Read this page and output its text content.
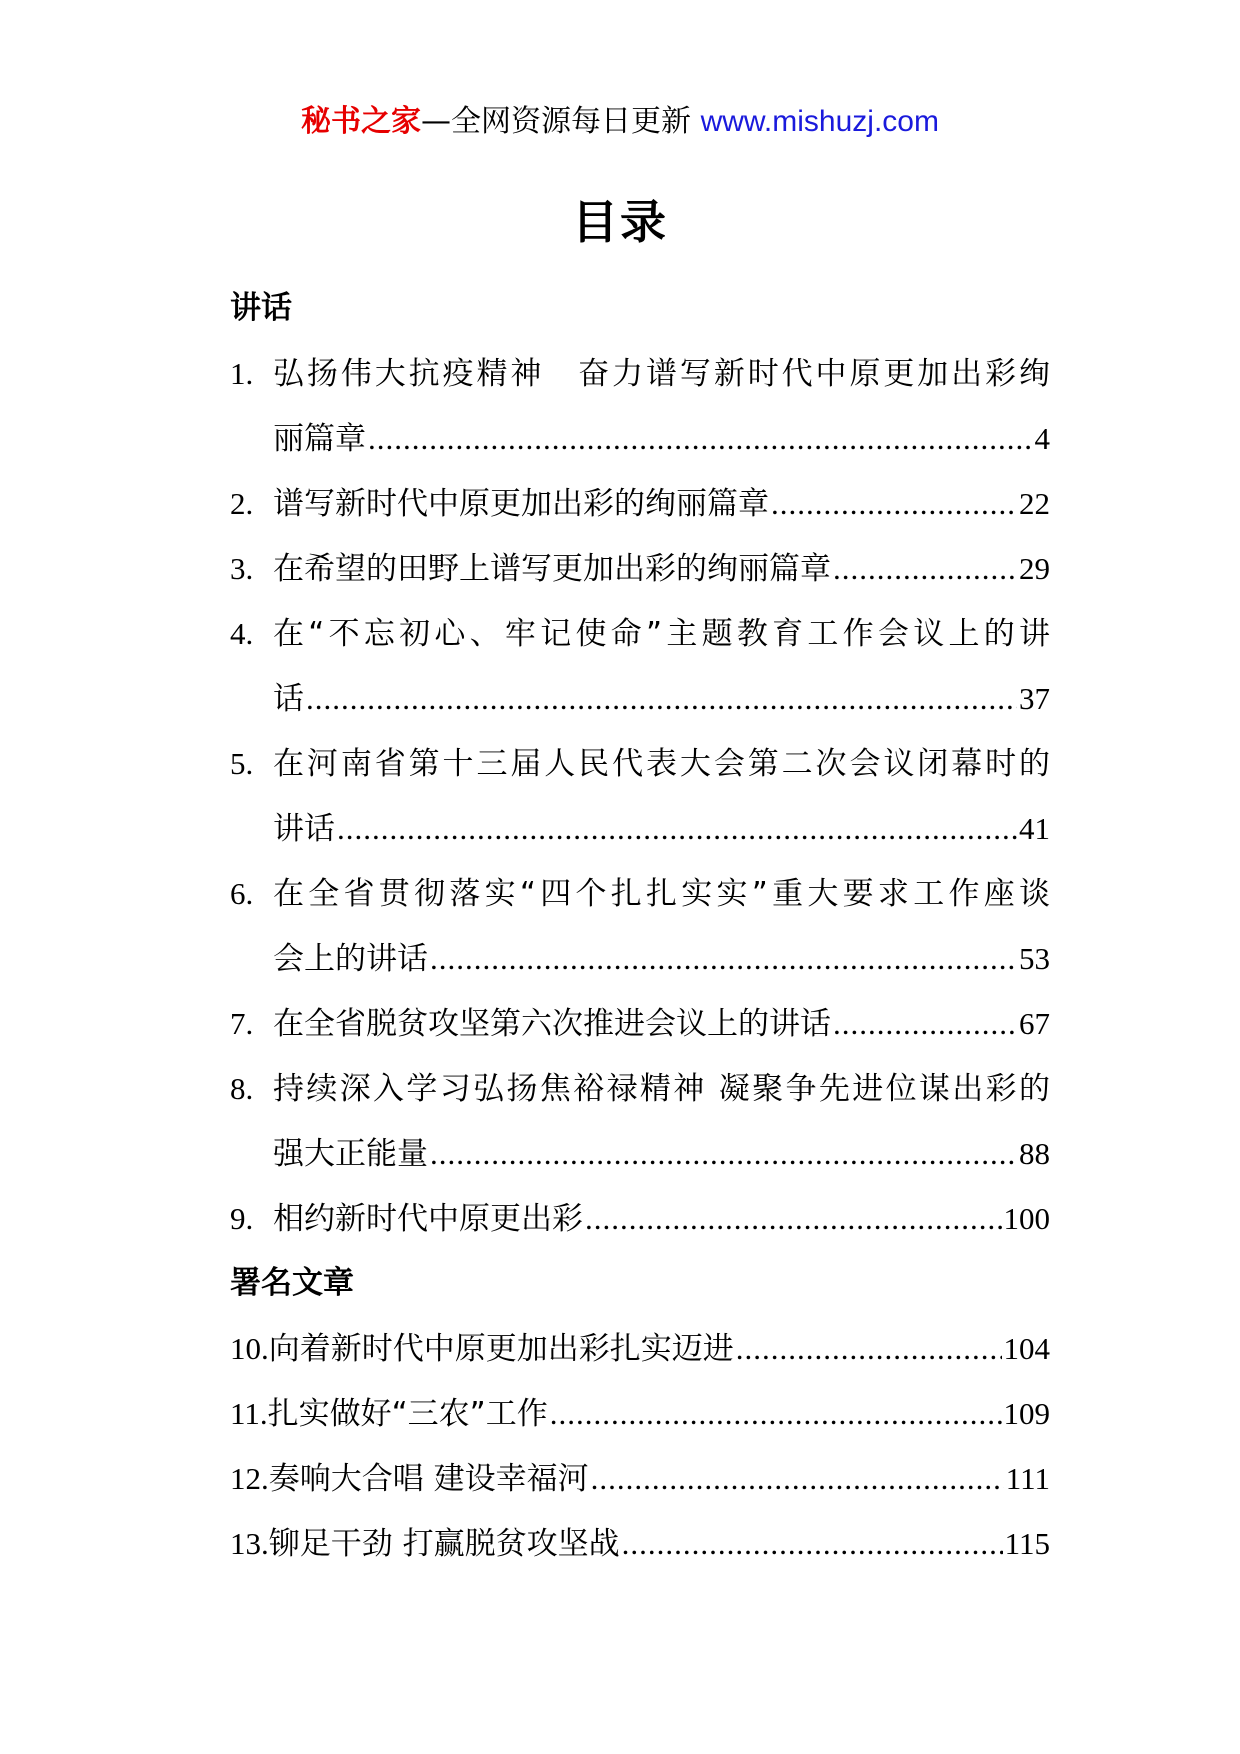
秘书之家—全网资源每日更新 www.mishuzj.com
目录
讲话
1. 弘扬伟大抗疫精神　奋力谱写新时代中原更加出彩绚
丽篇章 .....	4
2. 谱写新时代中原更加出彩的绚丽篇章 .....	22
3. 在希望的田野上谱写更加出彩的绚丽篇章 .....	29
4. 在“不忘初心、牢记使命”主题教育工作会议上的讲
话 .....	37
5. 在河南省第十三届人民代表大会第二次会议闭幕时的
讲话 .....	41
6. 在全省贯彻落实“四个扎扎实实”重大要求工作座谈
会上的讲话 .....	53
7. 在全省脱贫攻坚第六次推进会议上的讲话 .....	67
8. 持续深入学习弘扬焦裕禄精神 凝聚争先进位谋出彩的
强大正能量 .....	88
9. 相约新时代中原更出彩 .....	100
署名文章
10. 向着新时代中原更加出彩扎实迈进 .....	104
11. 扎实做好“三农”工作 .....	109
12. 奏响大合唱 建设幸福河 .....	111
13. 铆足干劲 打赢脱贫攻坚战 .....	115
